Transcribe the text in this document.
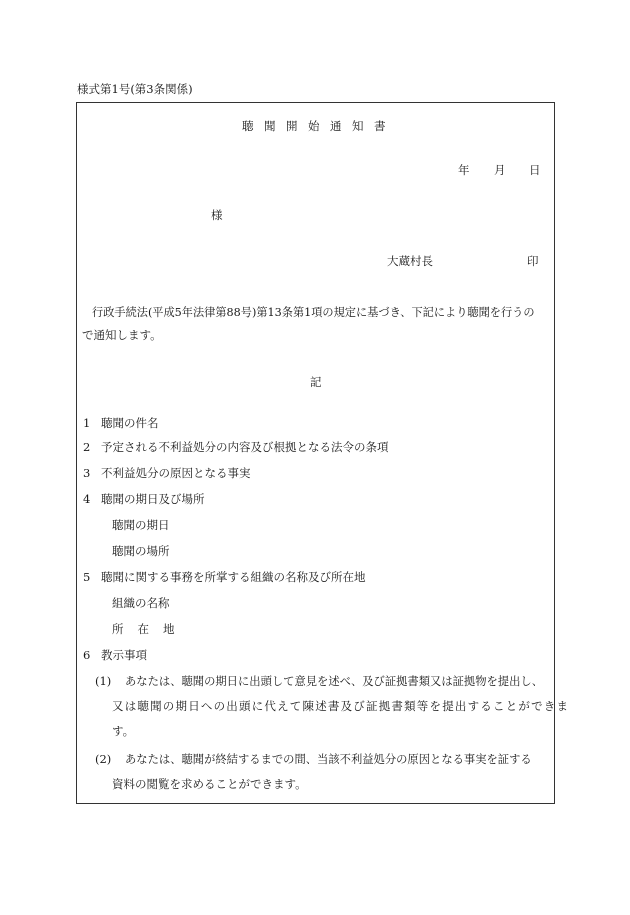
様式第1号(第3条関係)
聴聞開始通知書
年 月 日
様
大蔵村長	印
行政手続法(平成5年法律第88号)第13条第1項の規定に基づき、下記により聴聞を行うの
で通知します。
記
1 聴聞の件名
2 予定される不利益処分の内容及び根拠となる法令の条項
3 不利益処分の原因となる事実
4 聴聞の期日及び場所
聴聞の期日
聴聞の場所
5 聴聞に関する事務を所掌する組織の名称及び所在地
組織の名称
所在地
6 教示事項
(1) あなたは、聴聞の期日に出頭して意見を述べ、及び証拠書類又は証拠物を提出し、
又は聴聞の期日への出頭に代えて陳述書及び証拠書類等を提出することができま
す。
(2) あなたは、聴聞が終結するまでの間、当該不利益処分の原因となる事実を証する
資料の閲覧を求めることができます。
